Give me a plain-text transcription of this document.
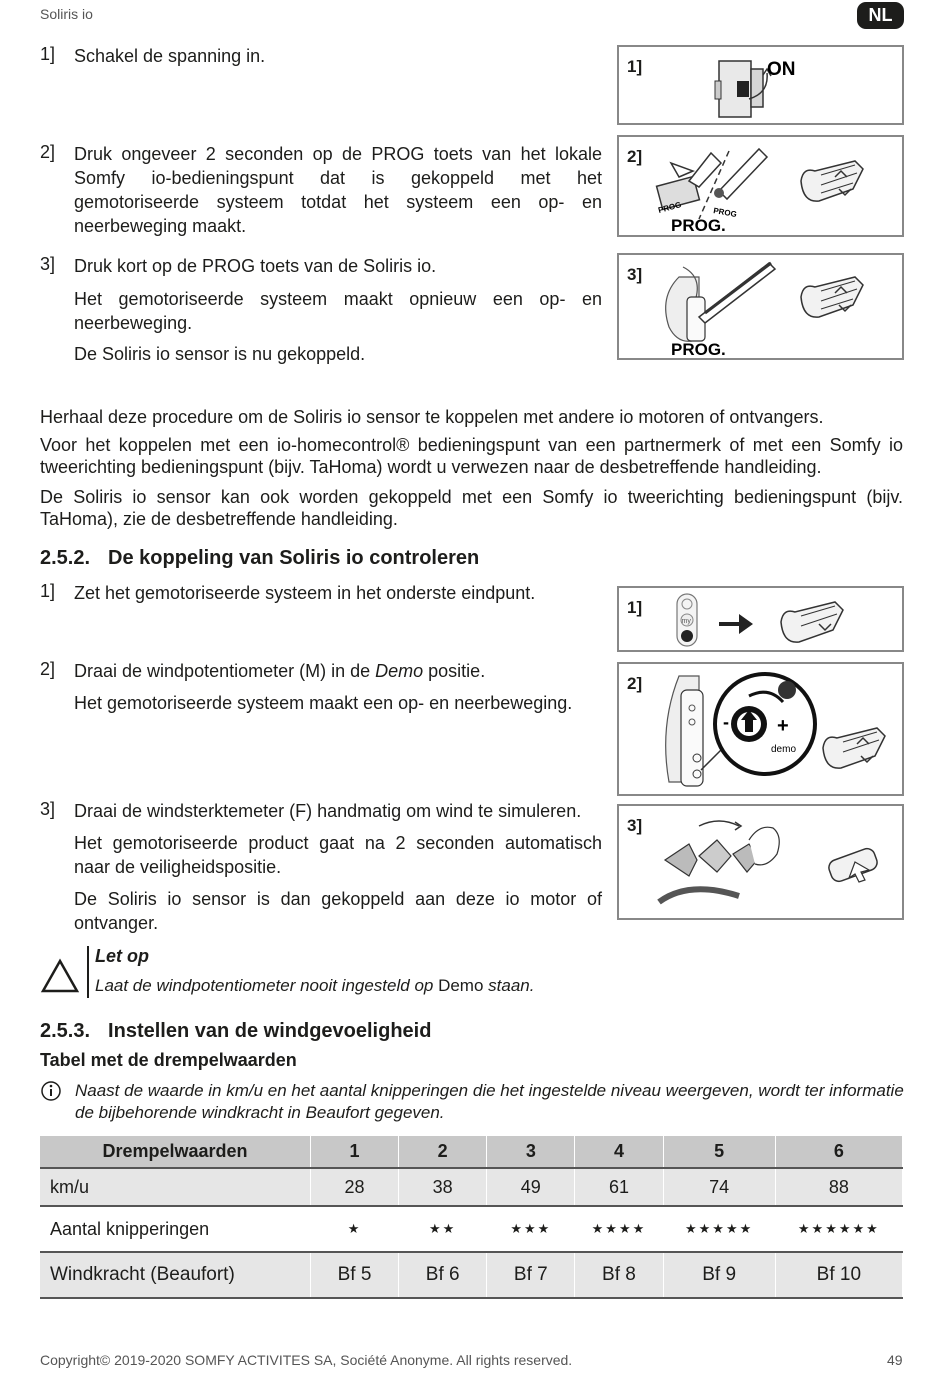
Soliris io	NL
1] Schakel de spanning in.
2] Druk ongeveer 2 seconden op de PROG toets van het lokale Somfy io-bedieningspunt dat is gekoppeld met het gemotoriseerde systeem totdat het systeem een op- en neerbeweging maakt.
3] Druk kort op de PROG toets van de Soliris io.
Het gemotoriseerde systeem maakt opnieuw een op- en neerbeweging.
De Soliris io sensor is nu gekoppeld.
1]	ON
2]
PROG	PROG
PROG.
3]
PROG.
Herhaal deze procedure om de Soliris io sensor te koppelen met andere io motoren of ontvangers.
Voor het koppelen met een io-homecontrol® bedieningspunt van een partnermerk of met een Somfy io tweerichting bedieningspunt (bijv. TaHoma) wordt u verwezen naar de desbetreffende handleiding.
De Soliris io sensor kan ook worden gekoppeld met een Somfy io tweerichting bedieningspunt (bijv. TaHoma), zie de desbetreffende handleiding.
2.5.2. De koppeling van Soliris io controleren
1] Zet het gemotoriseerde systeem in het onderste eindpunt.
2] Draai de windpotentiometer (M) in de Demo positie.
Het gemotoriseerde systeem maakt een op- en neerbeweging.
3] Draai de windsterktemeter (F) handmatig om wind te simuleren.
Het gemotoriseerde product gaat na 2 seconden automatisch naar de veiligheidspositie.
De Soliris io sensor is dan gekoppeld aan deze io motor of ontvanger.
1]
my
2]
+
-
demo
3]
Let op
Laat de windpotentiometer nooit ingesteld op Demo staan.
2.5.3. Instellen van de windgevoeligheid
Tabel met de drempelwaarden
Naast de waarde in km/u en het aantal knipperingen die het ingestelde niveau weergeven, wordt ter informatie de bijbehorende windkracht in Beaufort gegeven.
Drempelwaarden	1	2	3	4	5	6
km/u	28	38	49	61	74	88
Aantal knipperingen	★	★★	★★★	★★★★	★★★★★	★★★★★★
Windkracht (Beaufort)	Bf 5	Bf 6	Bf 7	Bf 8	Bf 9	Bf 10
Copyright© 2019-2020 SOMFY ACTIVITES SA, Société Anonyme. All rights reserved.	49
